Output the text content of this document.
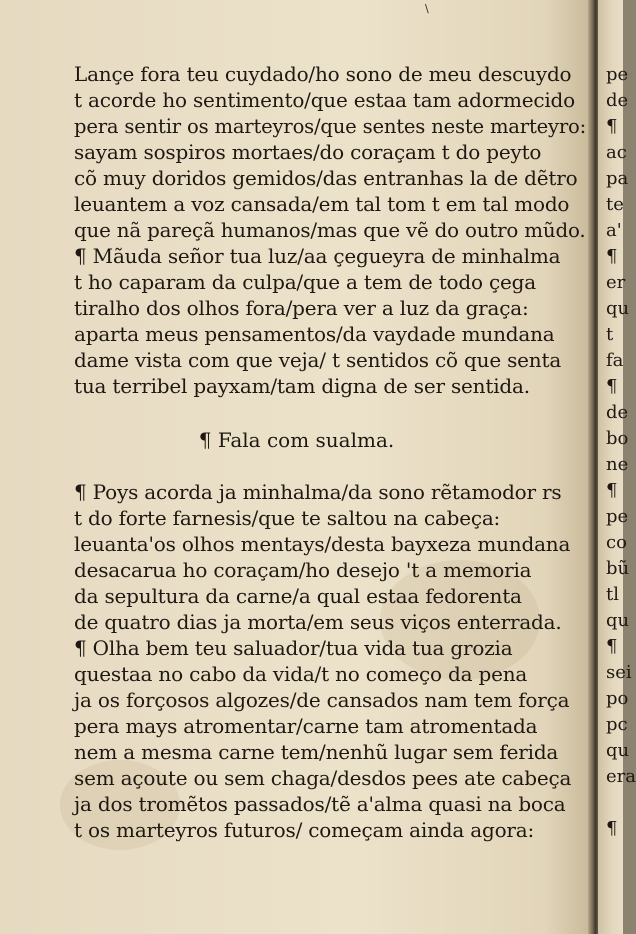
\
Lançe fora teu cuydado/ho sono de meu descuydo
t acorde ho sentimento/que estaa tam adormecido
pera sentir os marteyros/que sentes neste marteyro:
sayam sospiros mortaes/do coraçam t do peyto
cõ muy doridos gemidos/das entranhas la de dẽtro
leuantem a voz cansada/em tal tom t em tal modo
que nã pareçã humanos/mas que vẽ do outro mũdo.
¶ Mãuda señor tua luz/aa çegueyra de minhalma
t ho caparam da culpa/que a tem de todo çega
tiralho dos olhos fora/pera ver a luz da graça:
aparta meus pensamentos/da vaydade mundana
dame vista com que veja/ t sentidos cõ que senta
tua terribel payxam/tam digna de ser sentida.
¶ Fala com sualma.
¶ Poys acorda ja minhalma/da sono rẽtamodor rs
t do forte farnesis/que te saltou na cabeça:
leuanta'os olhos mentays/desta bayxeza mundana
desacarua ho coraçam/ho desejo 't a memoria
da sepultura da carne/a qual estaa fedorenta
de quatro dias ja morta/em seus viços enterrada.
¶ Olha bem teu saluador/tua vida tua grozia
questaa no cabo da vida/t no começo da pena
ja os forçosos algozes/de cansados nam tem força
pera mays atromentar/carne tam atromentada
nem a mesma carne tem/nenhũ lugar sem ferida
sem açoute ou sem chaga/desdos pees ate cabeça
ja dos tromẽtos passados/tẽ a'alma quasi na boca
t os marteyros futuros/ começam ainda agora:
pe
de
¶
ac
pa
te
a'
¶
er
qu
t
fa
¶
de
bo
ne
¶
pe
co
bũ
tl
qu
¶
sei
po
pc
qu
era
¶
